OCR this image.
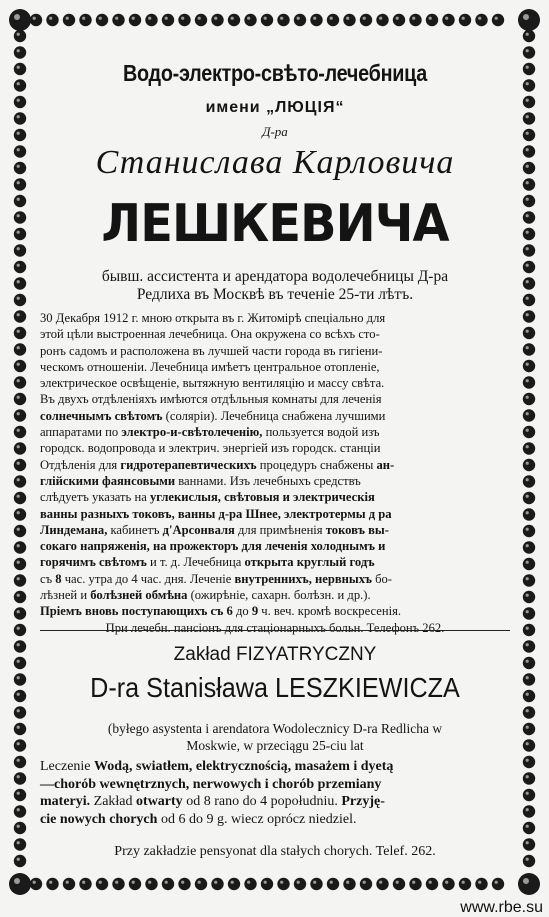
Водо-электро-свѣто-лечебница
имени „ЛЮЦІЯ“
Д-ра
Станислава Карловича
ЛЕШКЕВИЧА
бывш. ассистента и арендатора водолечебницы Д-ра
Редлиха въ Москвѣ въ теченіе 25-ти лѣтъ.
30 Декабря 1912 г. мною открыта въ г. Житомірѣ спеціально для
этой цѣли выстроенная лечебница. Она окружена со всѣхъ сто-
ронъ садомъ и расположена въ лучшей части города въ гигіени-
ческомъ отношеніи. Лечебница имѣетъ центральное отопленіе,
электрическое освѣщеніе, вытяжную вентиляцію и массу свѣта.
Въ двухъ отдѣленіяхъ имѣются отдѣльныя комнаты для леченія
солнечнымъ свѣтомъ (соляріи). Лечебница снабжена лучшими
аппаратами по электро-и-свѣтолеченію, пользуется водой изъ
городск. водопровода и электрич. энергіей изъ городск. станціи
Отдѣленія для гидротерапевтическихъ процедуръ снабжены ан-
глійскими фаянсовыми ваннами. Изъ лечебныхъ средствъ
слѣдуетъ указать на углекислыя, свѣтовыя и электрическія
ванны разныхъ токовъ, ванны д-ра Шнее, электротермы д ра
Линдемана, кабинетъ д'Арсонваля для примѣненія токовъ вы-
сокаго напряженія, на прожекторъ для леченія холоднымъ и
горячимъ свѣтомъ и т. д. Лечебница открыта круглый годъ
съ 8 час. утра до 4 час. дня. Леченіе внутреннихъ, нервныхъ бо-
лѣзней и болѣзней обмѣна (ожирѣніе, сахарн. болѣзн. и др.).
Пріемъ вновь поступающихъ съ 6 до 9 ч. веч. кромѣ воскресенія.
При лечебн. пансіонъ для стаціонарныхъ больн. Телефонъ 262.
Zakład FIZYATRYCZNY
D-ra Stanisława LESZKIEWICZA
(byłego asystenta i arendatora Wodolecznicy D-ra Redlicha w
Moskwie, w przeciągu 25-ciu lat
Leczenie Wodą, swiatłem, elektrycznością, masażem i dyetą
—chorób wewnętrznych, nerwowych i chorób przemiany
materyi. Zakład otwarty od 8 rano do 4 popołudniu. Przyję-
cie nowych chorych od 6 do 9 g. wiecz oprócz niedziel.
Przy zakładzie pensyonat dla stałych chorych. Telef. 262.
www.rbe.su
